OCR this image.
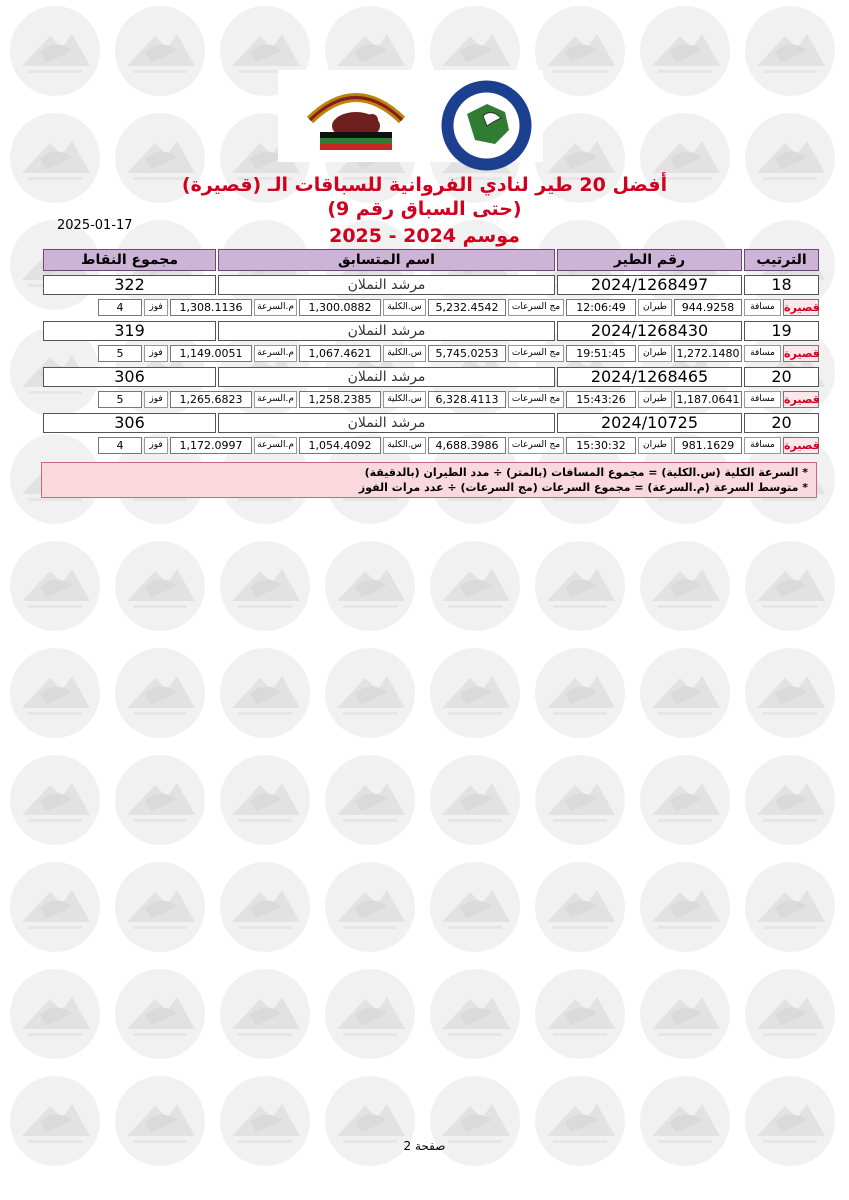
أفضل 20 طير لنادي الفروانية للسباقات الـ (قصيرة)
(حتى السباق رقم 9)
موسم 2024 - 2025
2025-01-17
الترتيب
رقم الطير
اسم المتسابق
مجموع النقاط
18
2024/1268497
مرشد النملان
322
قصيرة
مسافة
944.9258
طيران
12:06:49
مج السرعات
5,232.4542
س.الكلية
1,300.0882
م.السرعة
1,308.1136
فوز
4
19
2024/1268430
مرشد النملان
319
قصيرة
مسافة
1,272.1480
طيران
19:51:45
مج السرعات
5,745.0253
س.الكلية
1,067.4621
م.السرعة
1,149.0051
فوز
5
20
2024/1268465
مرشد النملان
306
قصيرة
مسافة
1,187.0641
طيران
15:43:26
مج السرعات
6,328.4113
س.الكلية
1,258.2385
م.السرعة
1,265.6823
فوز
5
20
2024/10725
مرشد النملان
306
قصيرة
مسافة
981.1629
طيران
15:30:32
مج السرعات
4,688.3986
س.الكلية
1,054.4092
م.السرعة
1,172.0997
فوز
4
* السرعة الكلية (س.الكلية) = مجموع المسافات (بالمتر) ÷ مدد الطيران (بالدقيقة)
* متوسط السرعة (م.السرعة) = مجموع السرعات (مج السرعات) ÷ عدد مرات الفوز
صفحة 2
